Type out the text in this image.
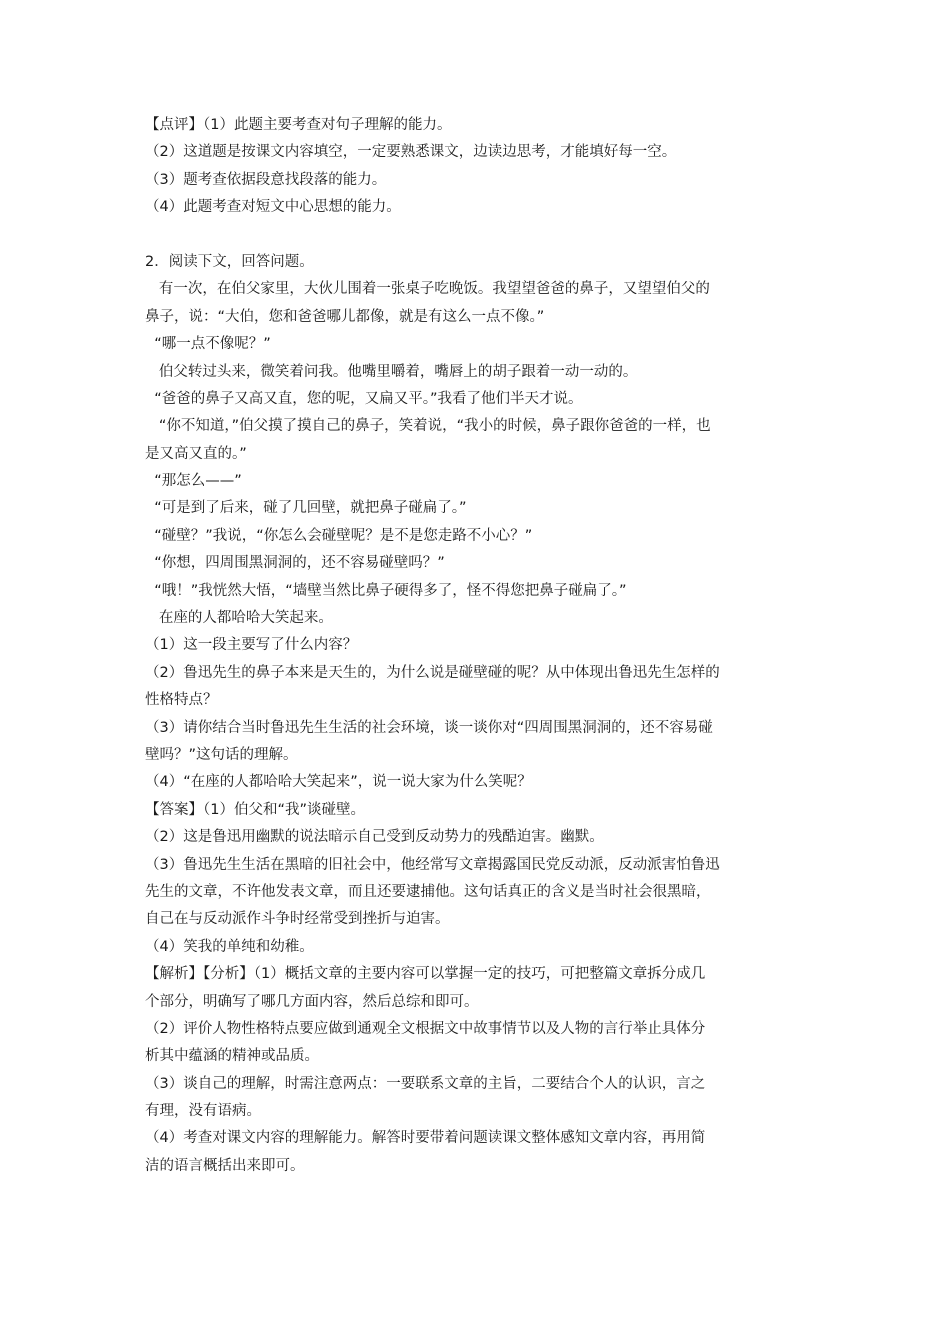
【点评】（1）此题主要考查对句子理解的能力。
（2）这道题是按课文内容填空，一定要熟悉课文，边读边思考，才能填好每一空。
（3）题考查依据段意找段落的能力。
（4）此题考查对短文中心思想的能力。
2．阅读下文，回答问题。
有一次，在伯父家里，大伙儿围着一张桌子吃晚饭。我望望爸爸的鼻子，又望望伯父的
鼻子，说：“大伯，您和爸爸哪儿都像，就是有这么一点不像。”
“哪一点不像呢？”
伯父转过头来，微笑着问我。他嘴里嚼着，嘴唇上的胡子跟着一动一动的。
“爸爸的鼻子又高又直，您的呢，又扁又平。”我看了他们半天才说。
“你不知道，”伯父摸了摸自己的鼻子，笑着说，“我小的时候，鼻子跟你爸爸的一样，也
是又高又直的。”
“那怎么——”
“可是到了后来，碰了几回壁，就把鼻子碰扁了。”
“碰壁？”我说，“你怎么会碰壁呢？是不是您走路不小心？”
“你想，四周围黑洞洞的，还不容易碰壁吗？”
“哦！”我恍然大悟，“墙壁当然比鼻子硬得多了，怪不得您把鼻子碰扁了。”
在座的人都哈哈大笑起来。
（1）这一段主要写了什么内容？
（2）鲁迅先生的鼻子本来是天生的，为什么说是碰壁碰的呢？从中体现出鲁迅先生怎样的
性格特点？
（3）请你结合当时鲁迅先生生活的社会环境，谈一谈你对“四周围黑洞洞的，还不容易碰
壁吗？”这句话的理解。
（4）“在座的人都哈哈大笑起来”，说一说大家为什么笑呢？
【答案】（1）伯父和“我”谈碰壁。
（2）这是鲁迅用幽默的说法暗示自己受到反动势力的残酷迫害。幽默。
（3）鲁迅先生生活在黑暗的旧社会中，他经常写文章揭露国民党反动派，反动派害怕鲁迅
先生的文章，不许他发表文章，而且还要逮捕他。这句话真正的含义是当时社会很黑暗，
自己在与反动派作斗争时经常受到挫折与迫害。
（4）笑我的单纯和幼稚。
【解析】【分析】（1）概括文章的主要内容可以掌握一定的技巧，可把整篇文章拆分成几
个部分，明确写了哪几方面内容，然后总综和即可。
（2）评价人物性格特点要应做到通观全文根据文中故事情节以及人物的言行举止具体分
析其中蕴涵的精神或品质。
（3）谈自己的理解，时需注意两点：一要联系文章的主旨，二要结合个人的认识，言之
有理，没有语病。
（4）考查对课文内容的理解能力。解答时要带着问题读课文整体感知文章内容，再用简
洁的语言概括出来即可。
